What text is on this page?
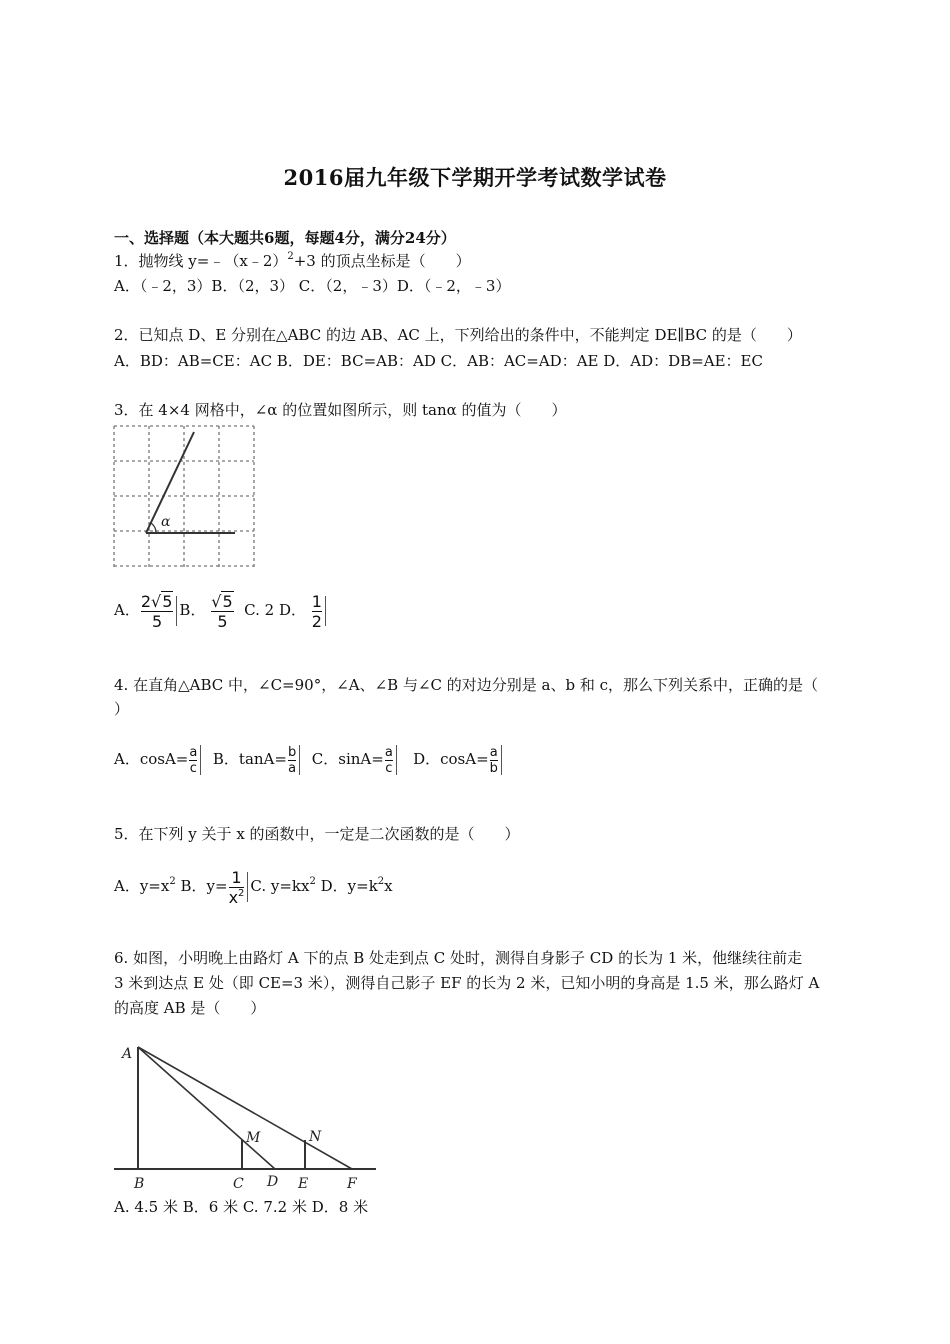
2016届九年级下学期开学考试数学试卷
一、选择题（本大题共6题，每题4分，满分24分）
1．抛物线 y=﹣（x﹣2）$^2$+3 的顶点坐标是（　　）
A．（﹣2，3）B．（2，3） C．（2，﹣3）D．（﹣2，﹣3）
2．已知点 D、E 分别在△ABC 的边 AB、AC 上，下列给出的条件中，不能判定 DE∥BC 的是（　　）
A．BD：AB=CE：AC B．DE：BC=AB：AD C．AB：AC=AD：AE D．AD：DB=AE：EC
3．在 4×4 网格中，∠α 的位置如图所示，则 tanα 的值为（　　）
α
A． $\frac{2√5}{5}$ B． $\frac{√5}{5} C$. 2 D． $\frac{1}{2}$
4. 在直角△ABC 中，∠C=90°，∠A、∠B 与∠C 的对边分别是 a、b 和 c，那么下列关系中，正确的是（
）
A．$\cos A= \frac{a}{c}$ B．$\tan A= \frac{b}{a}$ C．$\sin A= \frac{a}{c}$ D．$\cos A= \frac{a}{b}$
5．在下列 y 关于 x 的函数中，一定是二次函数的是（　　）
A．$y=x^2$ B．$y= \frac{1}{x^2} C$. $y=kx^2$ D．$y=k^2x$
6. 如图，小明晚上由路灯 A 下的点 B 处走到点 C 处时，测得自身影子 CD 的长为 1 米，他继续往前走
3 米到达点 E 处（即 CE=3 米），测得自己影子 EF 的长为 2 米，已知小明的身高是 1.5 米，那么路灯 A
的高度 AB 是（　　）
A
B	C D E	F
M	N
A. 4.5 米 B．6 米 C. 7.2 米 D．8 米
